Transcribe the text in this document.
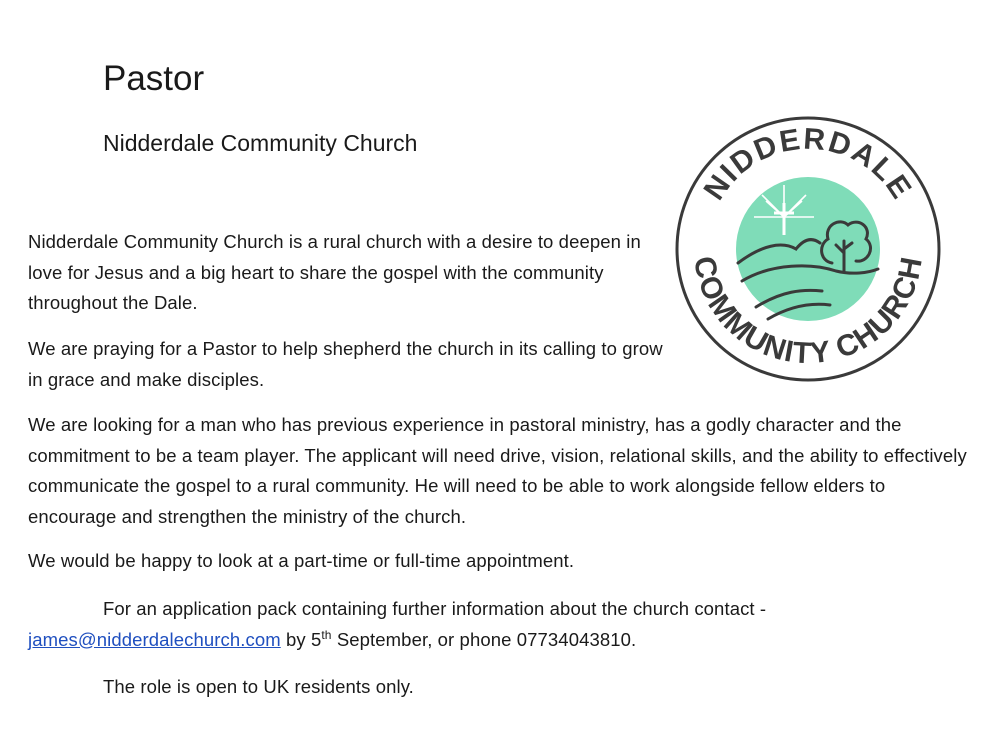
Pastor
Nidderdale Community Church
NIDDERDALE
COMMUNITY CHURCH

Nidderdale Community Church is a rural church with a desire to deepen in love for Jesus and a big heart to share the gospel with the community throughout the Dale.

We are praying for a Pastor to help shepherd the church in its calling to grow in grace and make disciples.

We are looking for a man who has previous experience in pastoral ministry, has a godly character and the commitment to be a team player. The applicant will need drive, vision, relational skills, and the ability to effectively communicate the gospel to a rural community. He will need to be able to work alongside fellow elders to encourage and strengthen the ministry of the church.

We would be happy to look at a part-time or full-time appointment.

For an application pack containing further information about the church contact -
james@nidderdalechurch.com by 5th September, or phone 07734043810.

The role is open to UK residents only.
